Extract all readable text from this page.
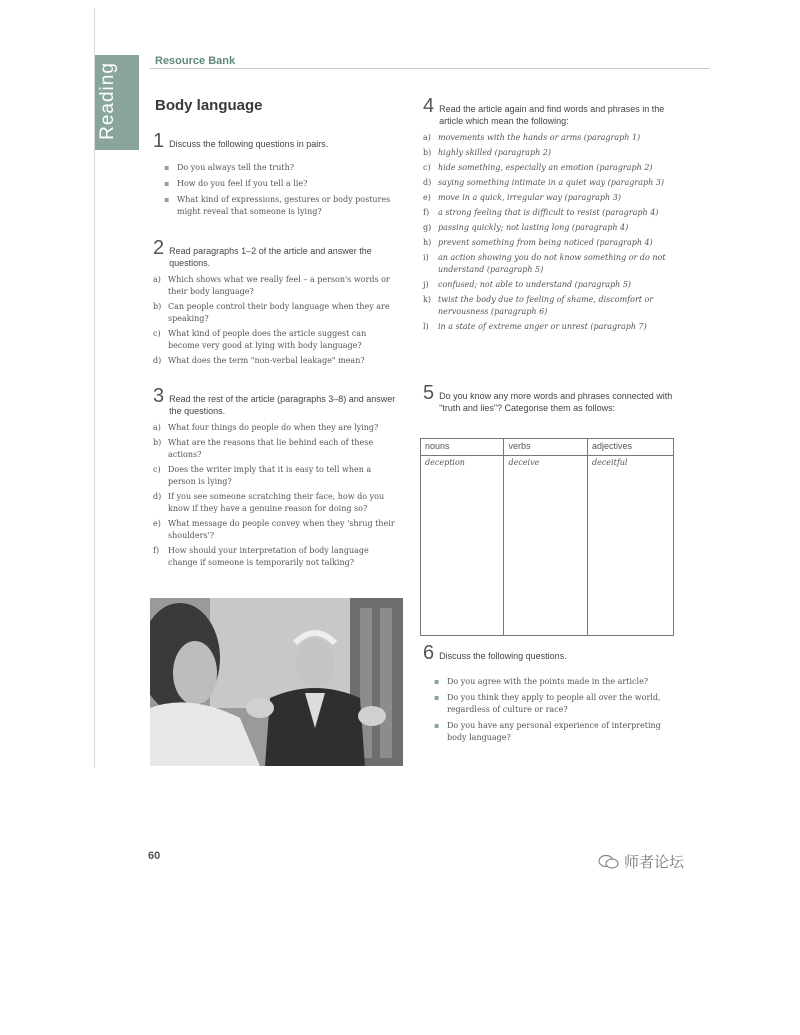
Reading
Resource Bank
Body language
1 Discuss the following questions in pairs.
▪ Do you always tell the truth?
▪ How do you feel if you tell a lie?
▪ What kind of expressions, gestures or body postures might reveal that someone is lying?
2 Read paragraphs 1–2 of the article and answer the questions.
a) Which shows what we really feel – a person's words or their body language?
b) Can people control their body language when they are speaking?
c) What kind of people does the article suggest can become very good at lying with body language?
d) What does the term "non-verbal leakage" mean?
3 Read the rest of the article (paragraphs 3–8) and answer the questions.
a) What four things do people do when they are lying?
b) What are the reasons that lie behind each of these actions?
c) Does the writer imply that it is easy to tell when a person is lying?
d) If you see someone scratching their face, how do you know if they have a genuine reason for doing so?
e) What message do people convey when they 'shrug their shoulders'?
f)	How should your interpretation of body language change if someone is temporarily not talking?
4 Read the article again and find words and phrases in the article which mean the following:
a) movements with the hands or arms (paragraph 1)
b) highly skilled (paragraph 2)
c) hide something, especially an emotion (paragraph 2)
d) saying something intimate in a quiet way (paragraph 3)
e) move in a quick, irregular way (paragraph 3)
f)	a strong feeling that is difficult to resist (paragraph 4)
g) passing quickly; not lasting long (paragraph 4)
h) prevent something from being noticed (paragraph 4)
i)	an action showing you do not know something or do not understand (paragraph 5)
j)	confused; not able to understand (paragraph 5)
k) twist the body due to feeling of shame, discomfort or nervousness (paragraph 6)
l)	in a state of extreme anger or unrest (paragraph 7)
5 Do you know any more words and phrases connected with "truth and lies"? Categorise them as follows:
nouns	verbs	adjectives
deception	deceive	deceitful
6 Discuss the following questions.
▪ Do you agree with the points made in the article?
▪ Do you think they apply to people all over the world, regardless of culture or race?
▪ Do you have any personal experience of interpreting body language?
60	师者论坛
